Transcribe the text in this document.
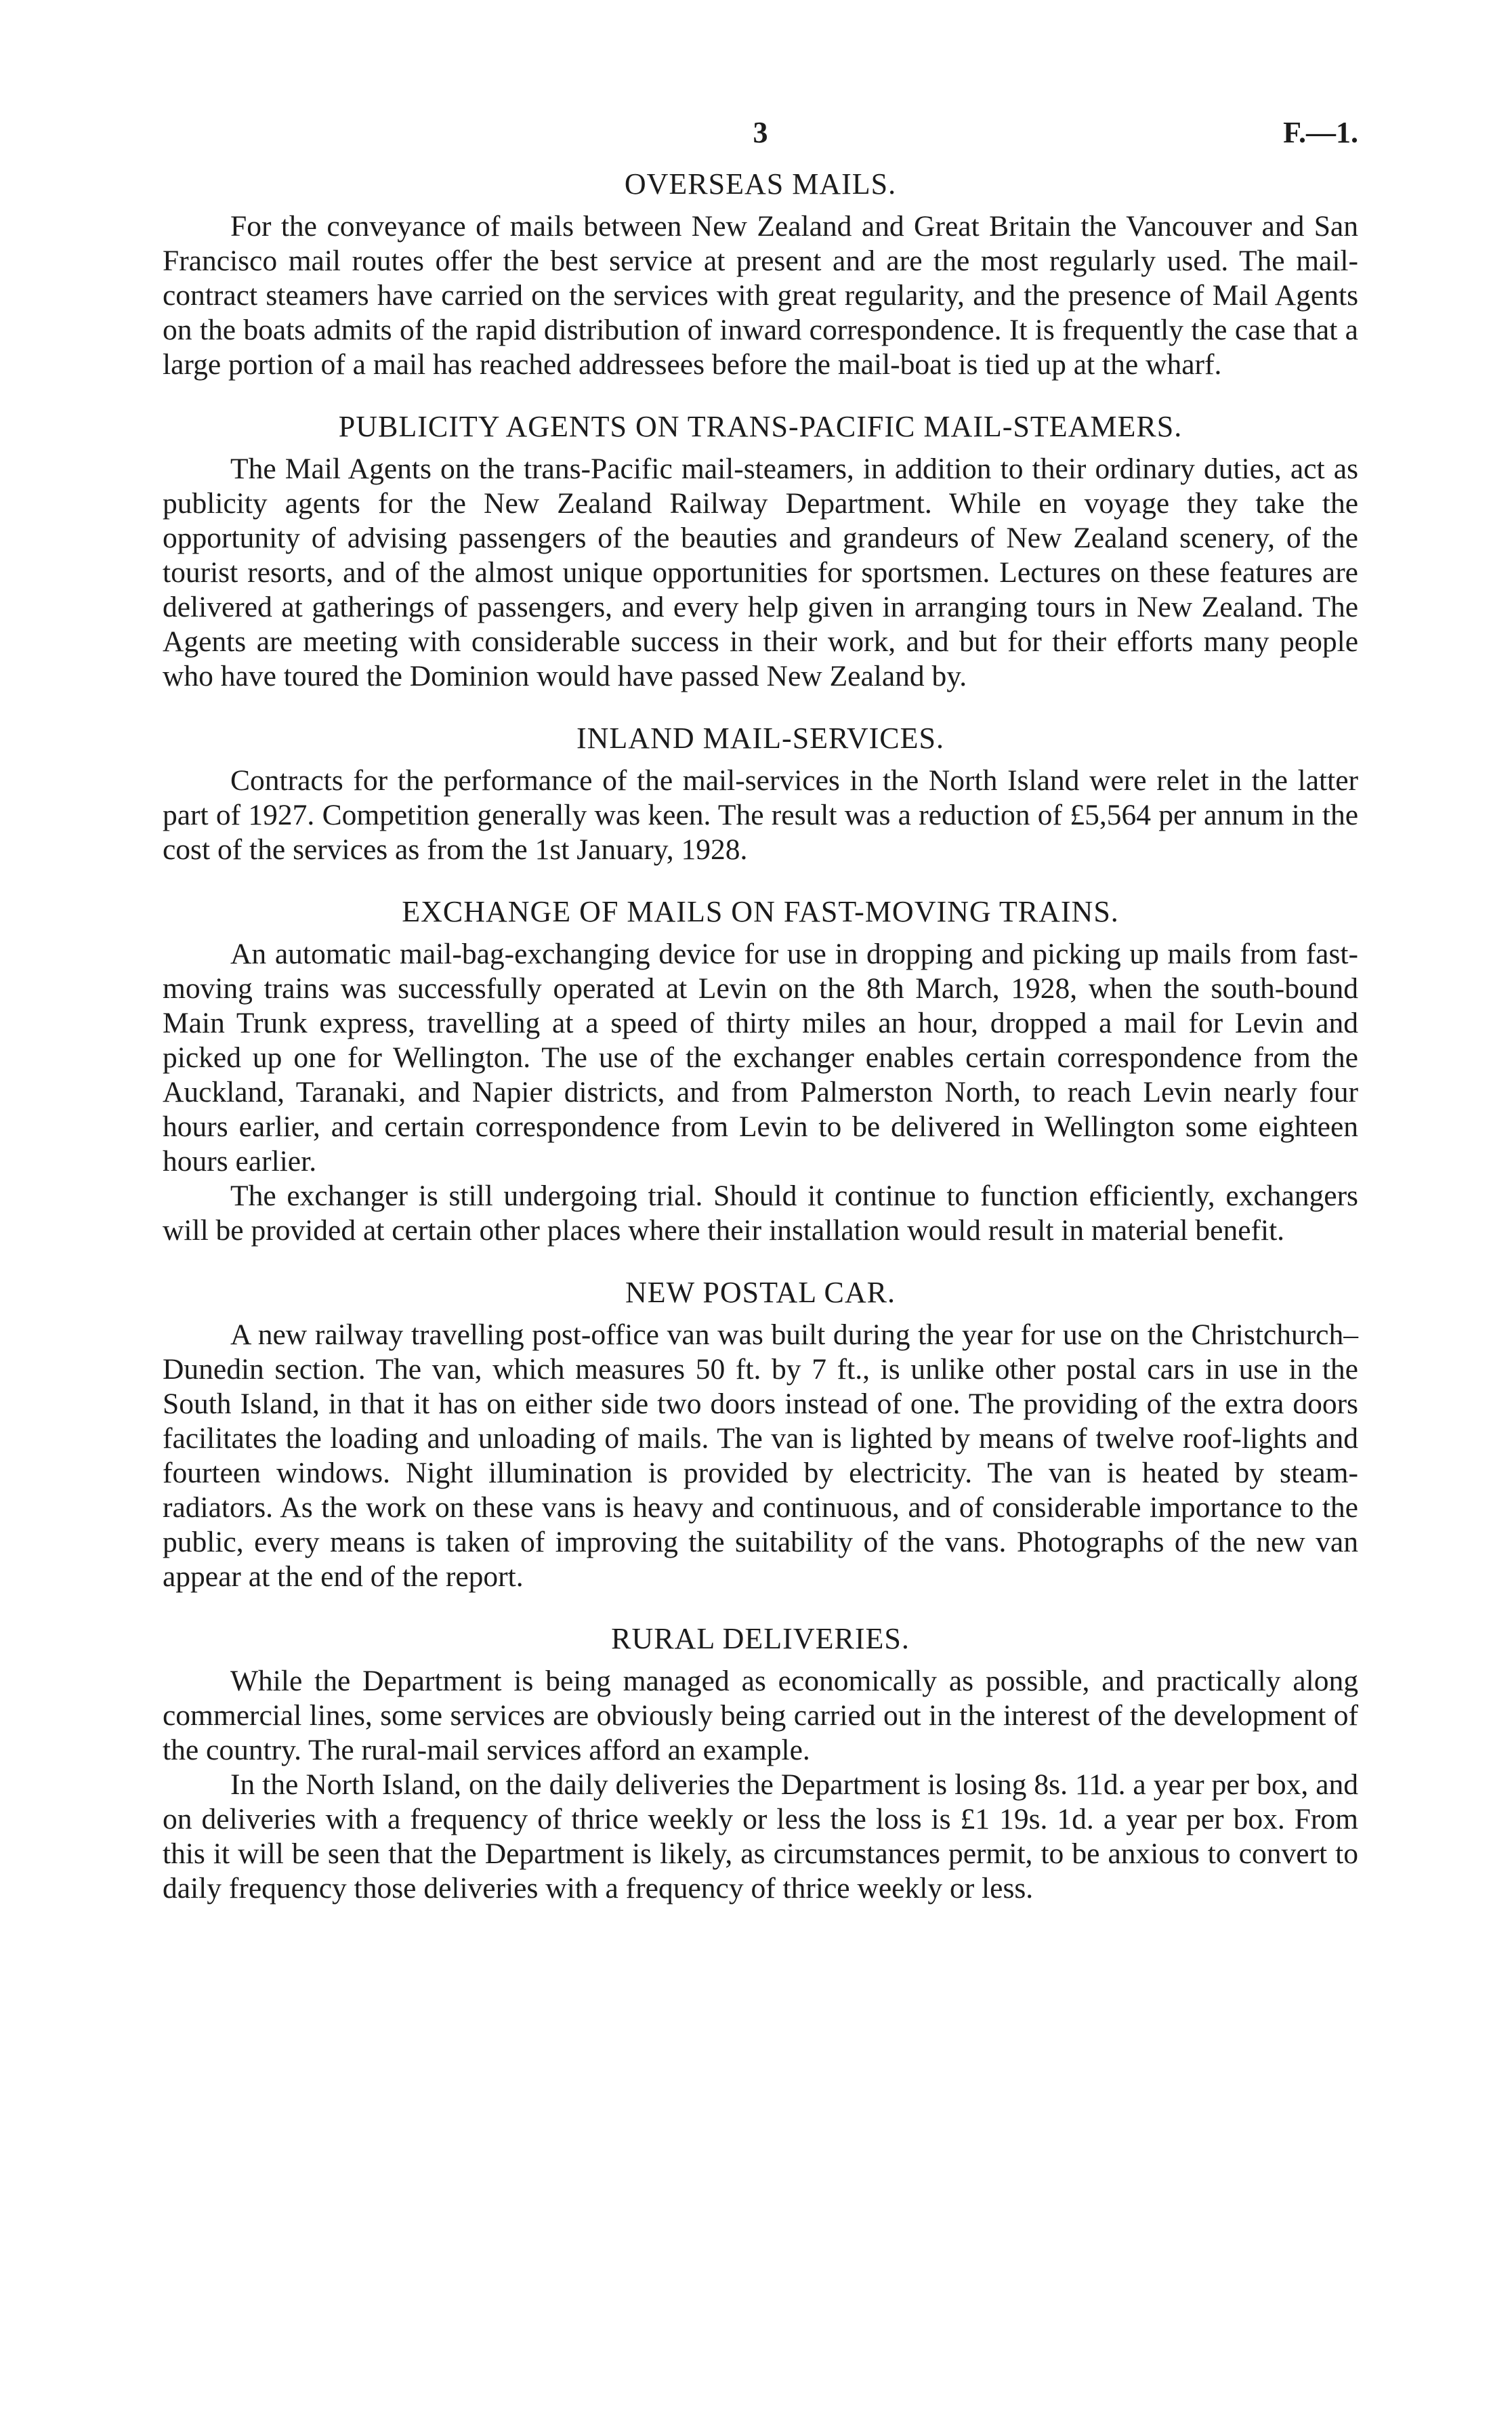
3	F.—1.
OVERSEAS MAILS.

For the conveyance of mails between New Zealand and Great Britain the Vancouver and San Francisco mail routes offer the best service at present and are the most regularly used. The mail-contract steamers have carried on the services with great regularity, and the presence of Mail Agents on the boats admits of the rapid distribution of inward correspondence. It is frequently the case that a large portion of a mail has reached addressees before the mail-boat is tied up at the wharf.

PUBLICITY AGENTS ON TRANS-PACIFIC MAIL-STEAMERS.

The Mail Agents on the trans-Pacific mail-steamers, in addition to their ordinary duties, act as publicity agents for the New Zealand Railway Department. While en voyage they take the opportunity of advising passengers of the beauties and grandeurs of New Zealand scenery, of the tourist resorts, and of the almost unique opportunities for sportsmen. Lectures on these features are delivered at gatherings of passengers, and every help given in arranging tours in New Zealand. The Agents are meeting with considerable success in their work, and but for their efforts many people who have toured the Dominion would have passed New Zealand by.

INLAND MAIL-SERVICES.

Contracts for the performance of the mail-services in the North Island were relet in the latter part of 1927. Competition generally was keen. The result was a reduction of £5,564 per annum in the cost of the services as from the 1st January, 1928.

EXCHANGE OF MAILS ON FAST-MOVING TRAINS.

An automatic mail-bag-exchanging device for use in dropping and picking up mails from fast-moving trains was successfully operated at Levin on the 8th March, 1928, when the south-bound Main Trunk express, travelling at a speed of thirty miles an hour, dropped a mail for Levin and picked up one for Wellington. The use of the exchanger enables certain correspondence from the Auckland, Taranaki, and Napier districts, and from Palmerston North, to reach Levin nearly four hours earlier, and certain correspondence from Levin to be delivered in Wellington some eighteen hours earlier.

The exchanger is still undergoing trial. Should it continue to function efficiently, exchangers will be provided at certain other places where their installation would result in material benefit.

NEW POSTAL CAR.

A new railway travelling post-office van was built during the year for use on the Christchurch–Dunedin section. The van, which measures 50 ft. by 7 ft., is unlike other postal cars in use in the South Island, in that it has on either side two doors instead of one. The providing of the extra doors facilitates the loading and unloading of mails. The van is lighted by means of twelve roof-lights and fourteen windows. Night illumination is provided by electricity. The van is heated by steam-radiators. As the work on these vans is heavy and continuous, and of considerable importance to the public, every means is taken of improving the suitability of the vans. Photographs of the new van appear at the end of the report.

RURAL DELIVERIES.

While the Department is being managed as economically as possible, and practically along commercial lines, some services are obviously being carried out in the interest of the development of the country. The rural-mail services afford an example.

In the North Island, on the daily deliveries the Department is losing 8s. 11d. a year per box, and on deliveries with a frequency of thrice weekly or less the loss is £1 19s. 1d. a year per box. From this it will be seen that the Department is likely, as circumstances permit, to be anxious to convert to daily frequency those deliveries with a frequency of thrice weekly or less.
